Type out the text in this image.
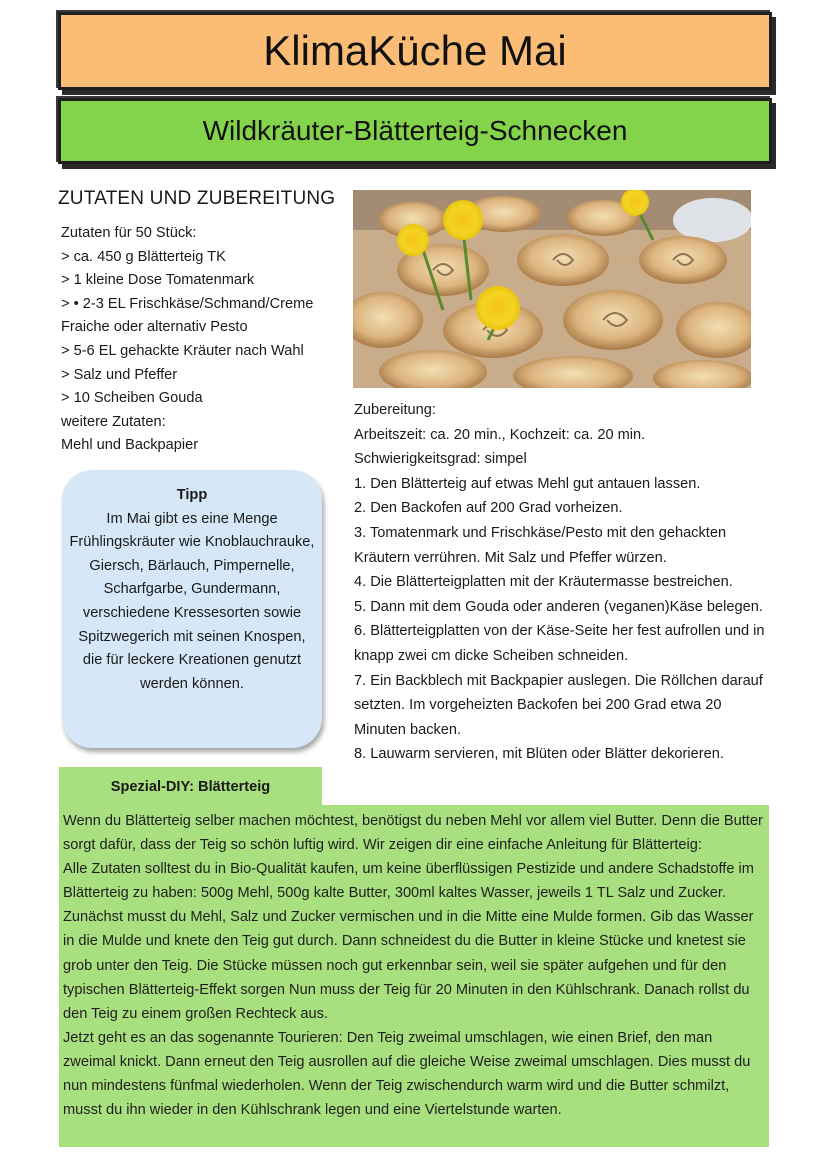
KlimaKüche Mai
Wildkräuter-Blätterteig-Schnecken
ZUTATEN UND ZUBEREITUNG
Zutaten für 50 Stück:
> ca. 450 g Blätterteig TK
> 1 kleine Dose Tomatenmark
> • 2-3 EL Frischkäse/Schmand/Creme Fraiche oder alternativ Pesto
> 5-6 EL gehackte Kräuter nach Wahl
> Salz und Pfeffer
> 10 Scheiben Gouda
weitere Zutaten:
Mehl und Backpapier
Tipp
Im Mai gibt es eine Menge Frühlingskräuter wie Knoblauchrauke, Giersch, Bärlauch, Pimpernelle, Scharfgarbe, Gundermann, verschiedene Kressesorten sowie Spitzwegerich mit seinen Knospen, die für leckere Kreationen genutzt werden können.
Zubereitung:
Arbeitszeit: ca. 20 min., Kochzeit: ca. 20 min.
Schwierigkeitsgrad: simpel
1. Den Blätterteig auf etwas Mehl gut antauen lassen.
2. Den Backofen auf 200 Grad vorheizen.
3. Tomatenmark und Frischkäse/Pesto mit den gehackten Kräutern verrühren. Mit Salz und Pfeffer würzen.
4. Die Blätterteigplatten mit der Kräutermasse bestreichen.
5. Dann mit dem Gouda oder anderen (veganen)Käse belegen.
6. Blätterteigplatten von der Käse-Seite her fest aufrollen und in knapp zwei cm dicke Scheiben schneiden.
7. Ein Backblech mit Backpapier auslegen. Die Röllchen darauf setzten. Im vorgeheizten Backofen bei 200 Grad etwa 20 Minuten backen.
8. Lauwarm servieren, mit Blüten oder Blätter dekorieren.
Spezial-DIY: Blätterteig

Wenn du Blätterteig selber machen möchtest, benötigst du neben Mehl vor allem viel Butter. Denn die Butter sorgt dafür, dass der Teig so schön luftig wird. Wir zeigen dir eine einfache Anleitung für Blätterteig:

Alle Zutaten solltest du in Bio-Qualität kaufen, um keine überflüssigen Pestizide und andere Schadstoffe im Blätterteig zu haben: 500g Mehl, 500g kalte Butter, 300ml kaltes Wasser, jeweils 1 TL Salz und Zucker. Zunächst musst du Mehl, Salz und Zucker vermischen und in die Mitte eine Mulde formen. Gib das Wasser in die Mulde und knete den Teig gut durch. Dann schneidest du die Butter in kleine Stücke und knetest sie grob unter den Teig. Die Stücke müssen noch gut erkennbar sein, weil sie später aufgehen und für den typischen Blätterteig-Effekt sorgen Nun muss der Teig für 20 Minuten in den Kühlschrank. Danach rollst du den Teig zu einem großen Rechteck aus.

Jetzt geht es an das sogenannte Tourieren: Den Teig zweimal umschlagen, wie einen Brief, den man zweimal knickt. Dann erneut den Teig ausrollen auf die gleiche Weise zweimal umschlagen. Dies musst du nun mindestens fünfmal wiederholen. Wenn der Teig zwischendurch warm wird und die Butter schmilzt, musst du ihn wieder in den Kühlschrank legen und eine Viertelstunde warten.
